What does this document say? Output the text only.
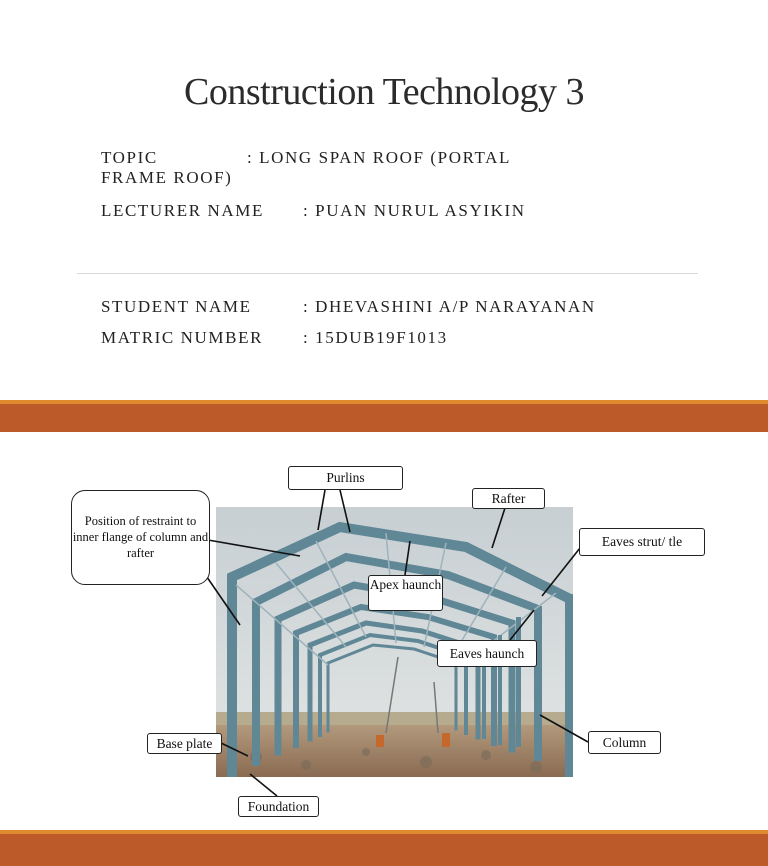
Construction Technology 3
TOPIC	: LONG SPAN ROOF (PORTAL
FRAME ROOF)
LECTURER NAME : PUAN NURUL ASYIKIN
STUDENT NAME	: DHEVASHINI A/P NARAYANAN
MATRIC NUMBER : 15DUB19F1013
Position of restraint to inner flange of column and rafter
Purlins
Rafter
Eaves strut/ tle
Apex haunch
Eaves haunch
Base plate	Column
Foundation
